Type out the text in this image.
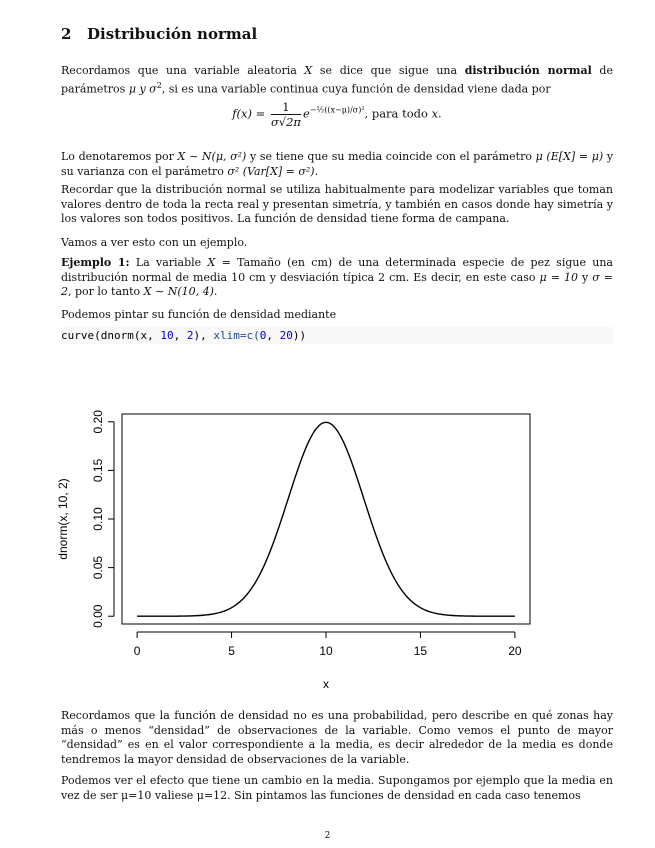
2 Distribución normal

Recordamos que una variable aleatoria X se dice que sigue una distribución normal de parámetros μ y $\sigma^2$, si es una variable continua cuya función de densidad viene dada por

$f(x) = \frac{1}{\sigma√2\pi} e^{-\frac{1}{2}((x-\mu)/\sigma)^2}$, para todo x.

Lo denotaremos por X ∼ N(μ, σ²) y se tiene que su media coincide con el parámetro μ (E[X] = μ) y su varianza con el parámetro σ² (Var[X] = σ²).

Recordar que la distribución normal se utiliza habitualmente para modelizar variables que toman valores dentro de toda la recta real y presentan simetría, y también en casos donde hay simetría y los valores son todos positivos. La función de densidad tiene forma de campana.

Vamos a ver esto con un ejemplo.

Ejemplo 1: La variable X = Tamaño (en cm) de una determinada especie de pez sigue una distribución normal de media 10 cm y desviación típica 2 cm. Es decir, en este caso μ = 10 y σ = 2, por lo tanto X ∼ N(10, 4).

Podemos pintar su función de densidad mediante

curve(dnorm(x, 10, 2), xlim=c(0, 20))

Recordamos que la función de densidad no es una probabilidad, pero describe en qué zonas hay más o menos “densidad” de observaciones de la variable. Como vemos el punto de mayor “densidad” es en el valor correspondiente a la media, es decir alrededor de la media es donde tendremos la mayor densidad de observaciones de la variable.

Podemos ver el efecto que tiene un cambio en la media. Supongamos por ejemplo que la media en vez de ser μ=10 valiese μ=12. Sin pintamos las funciones de densidad en cada caso tenemos

0	5	10	15	20
0.00
0.05
0.10
0.15
0.20
x
dnorm(x, 10, 2)
2
